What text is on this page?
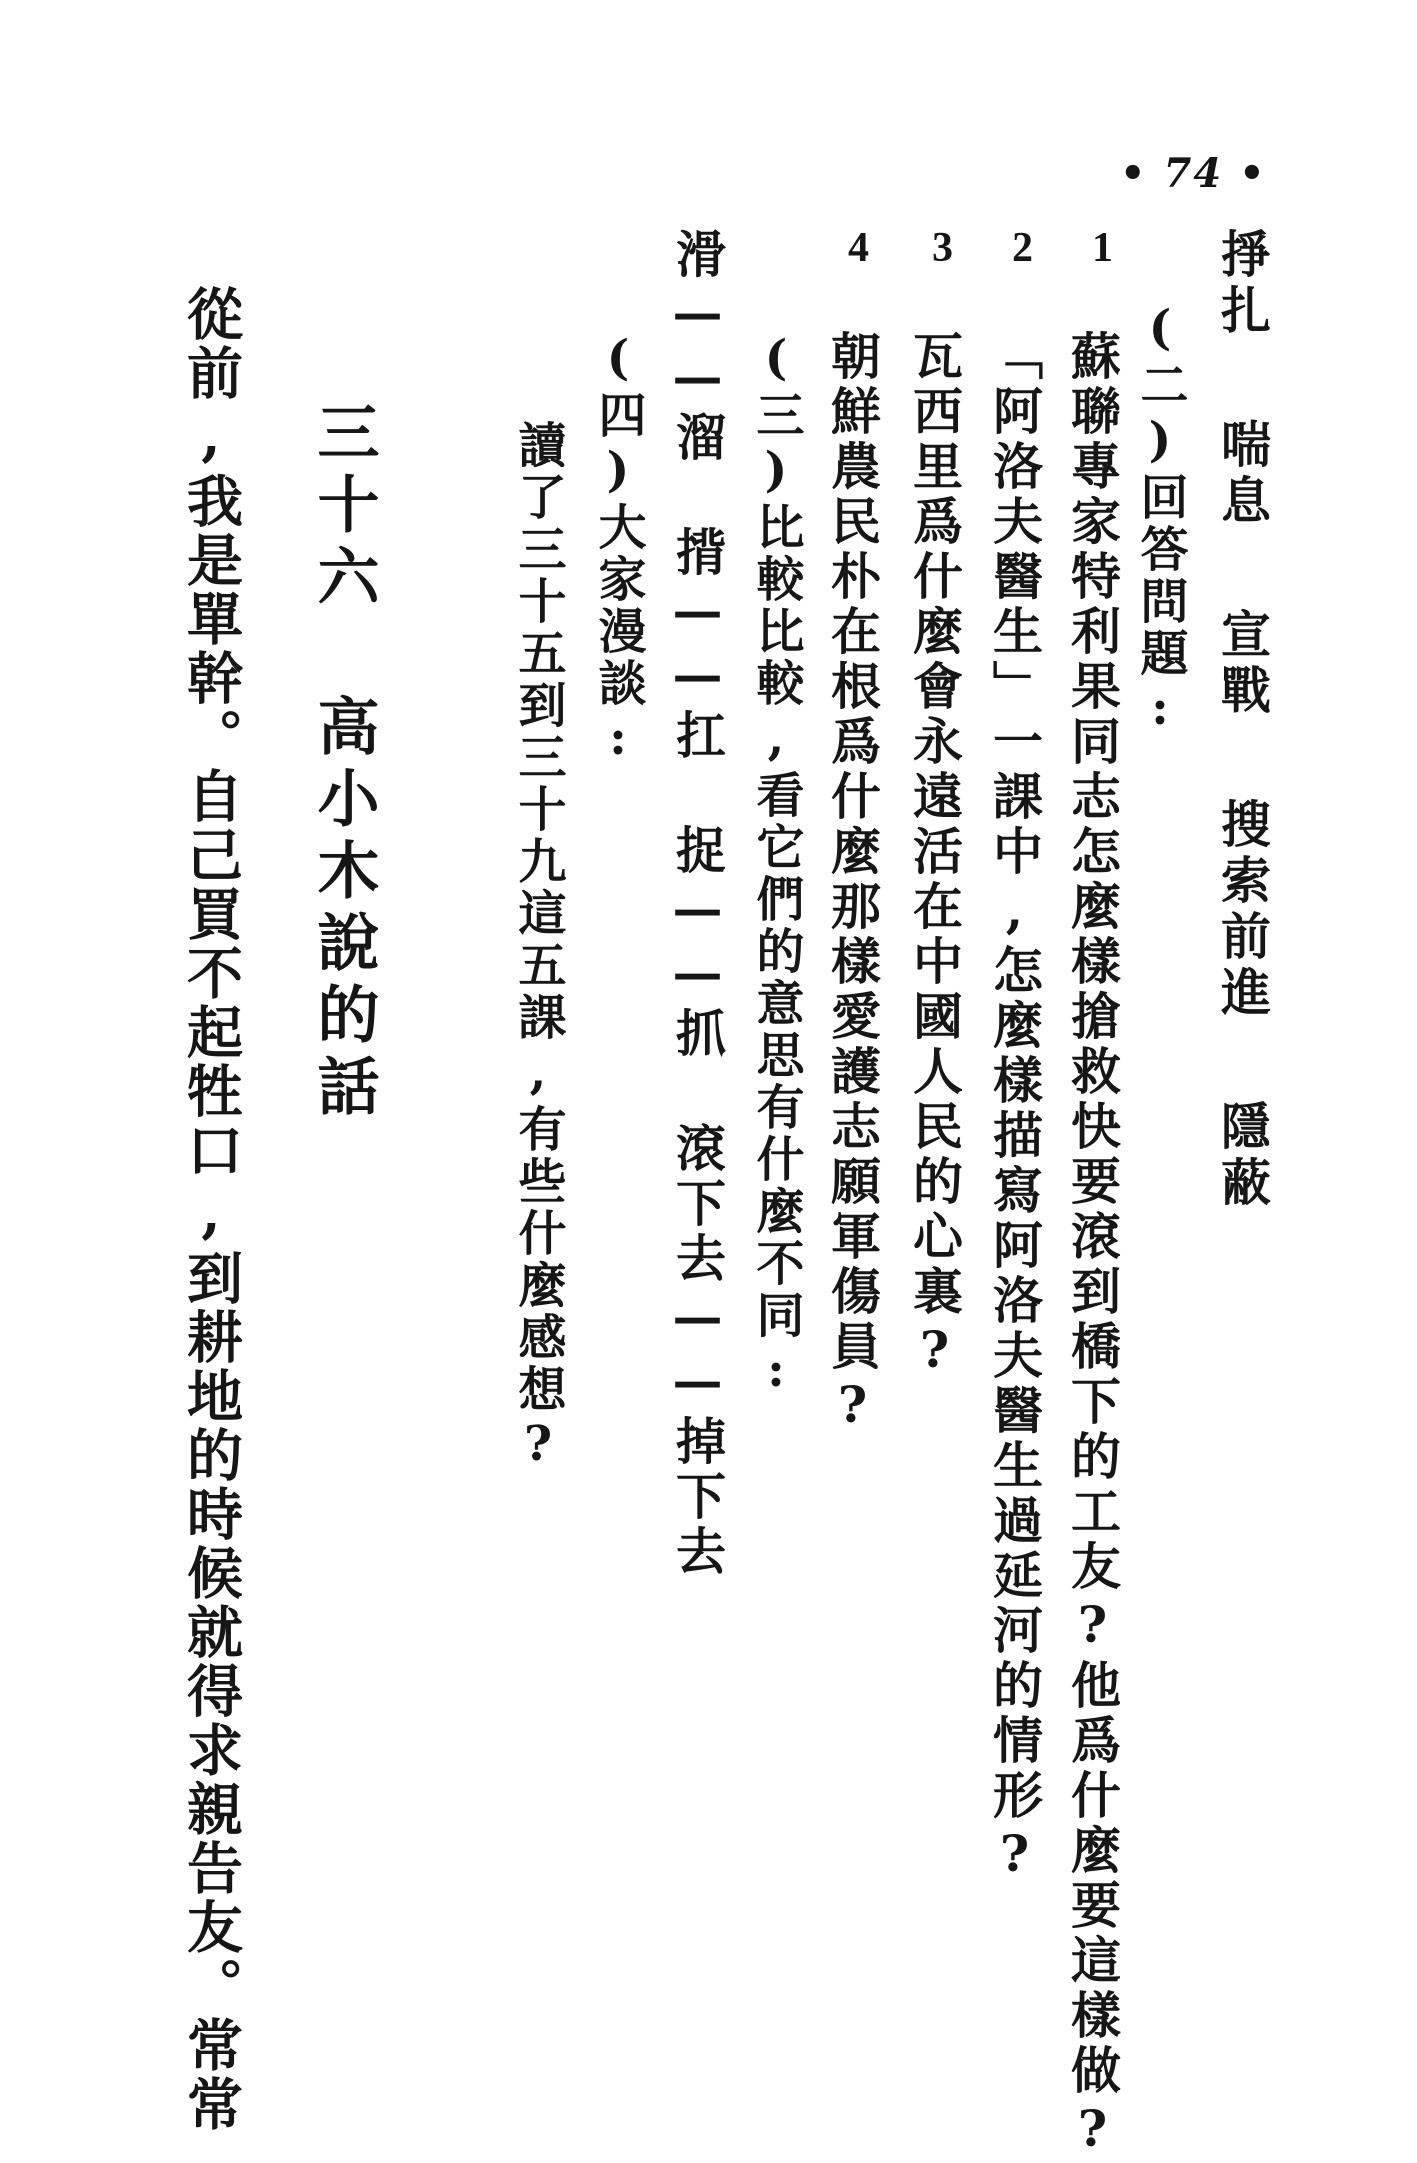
• 74 •
掙扎喘息宣戰搜索前進隱蔽
1
2
3
4
(二)回答問題:
蘇聯專家特利果同志怎麼樣搶救快要滾到橋下的工友?他爲什麼要這樣做?
「阿洛夫醫生」一課中,怎麼樣描寫阿洛夫醫生過延河的情形?
瓦西里爲什麼會永遠活在中國人民的心裏?
朝鮮農民朴在根爲什麼那樣愛護志願軍傷員?
(三)比較比較,看它們的意思有什麼不同:
滑——溜揹——扛捉——抓滾下去——掉下去
(四)大家漫談:
讀了三十五到三十九這五課,有些什麼感想?
三十六高小木說的話
從前,我是單幹。自己買不起牲口,到耕地的時候就得求親告友。常常
